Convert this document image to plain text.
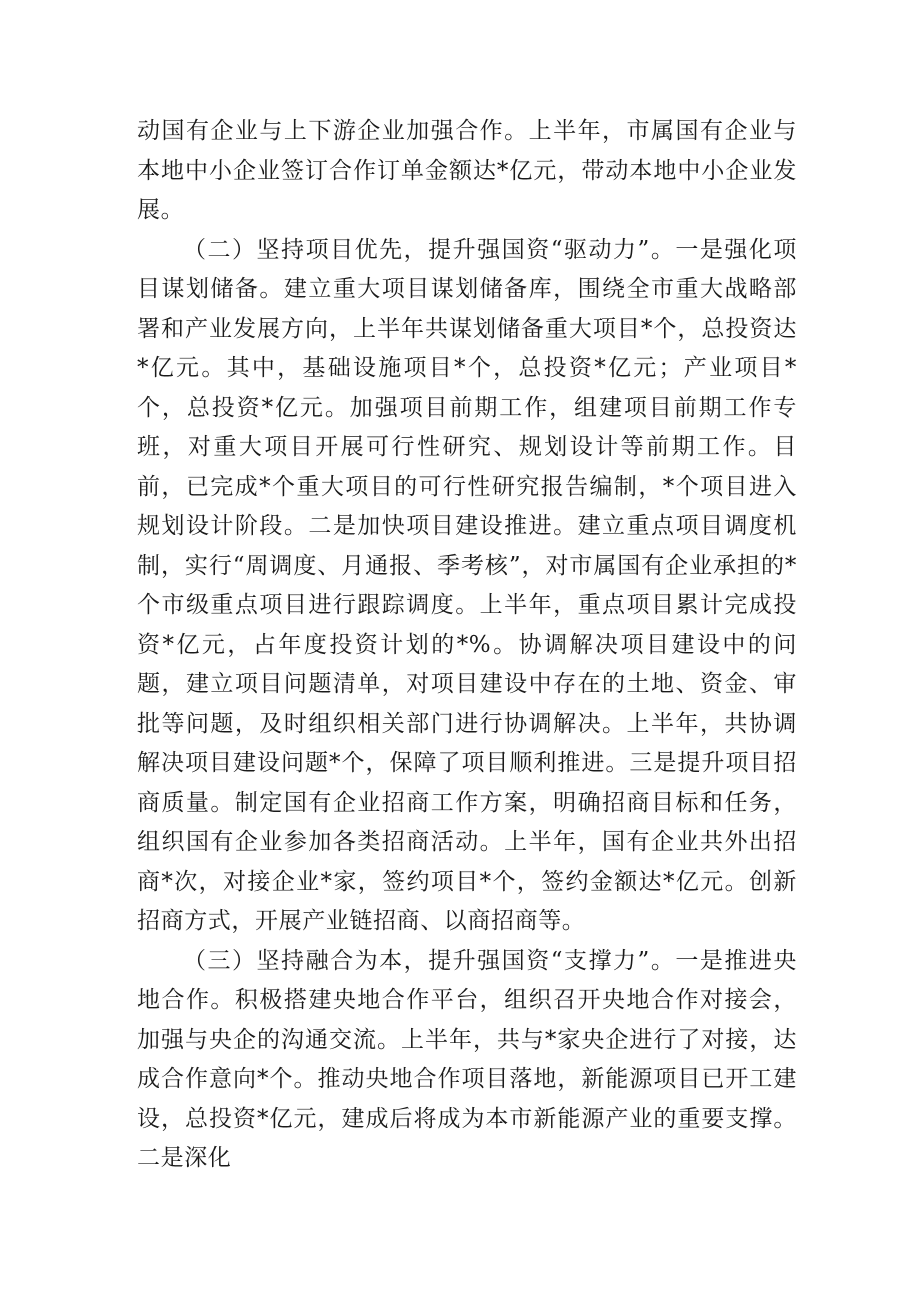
动国有企业与上下游企业加强合作。上半年，市属国有企业与本地中小企业签订合作订单金额达*亿元，带动本地中小企业发展。

（二）坚持项目优先，提升强国资“驱动力”。一是强化项目谋划储备。建立重大项目谋划储备库，围绕全市重大战略部署和产业发展方向，上半年共谋划储备重大项目*个，总投资达*亿元。其中，基础设施项目*个，总投资*亿元；产业项目*个，总投资*亿元。加强项目前期工作，组建项目前期工作专班，对重大项目开展可行性研究、规划设计等前期工作。目前，已完成*个重大项目的可行性研究报告编制，*个项目进入规划设计阶段。二是加快项目建设推进。建立重点项目调度机制，实行“周调度、月通报、季考核”，对市属国有企业承担的*个市级重点项目进行跟踪调度。上半年，重点项目累计完成投资*亿元，占年度投资计划的*%。协调解决项目建设中的问题，建立项目问题清单，对项目建设中存在的土地、资金、审批等问题，及时组织相关部门进行协调解决。上半年，共协调解决项目建设问题*个，保障了项目顺利推进。三是提升项目招商质量。制定国有企业招商工作方案，明确招商目标和任务，组织国有企业参加各类招商活动。上半年，国有企业共外出招商*次，对接企业*家，签约项目*个，签约金额达*亿元。创新招商方式，开展产业链招商、以商招商等。

（三）坚持融合为本，提升强国资“支撑力”。一是推进央地合作。积极搭建央地合作平台，组织召开央地合作对接会，加强与央企的沟通交流。上半年，共与*家央企进行了对接，达成合作意向*个。推动央地合作项目落地，新能源项目已开工建设，总投资*亿元，建成后将成为本市新能源产业的重要支撑。二是深化
